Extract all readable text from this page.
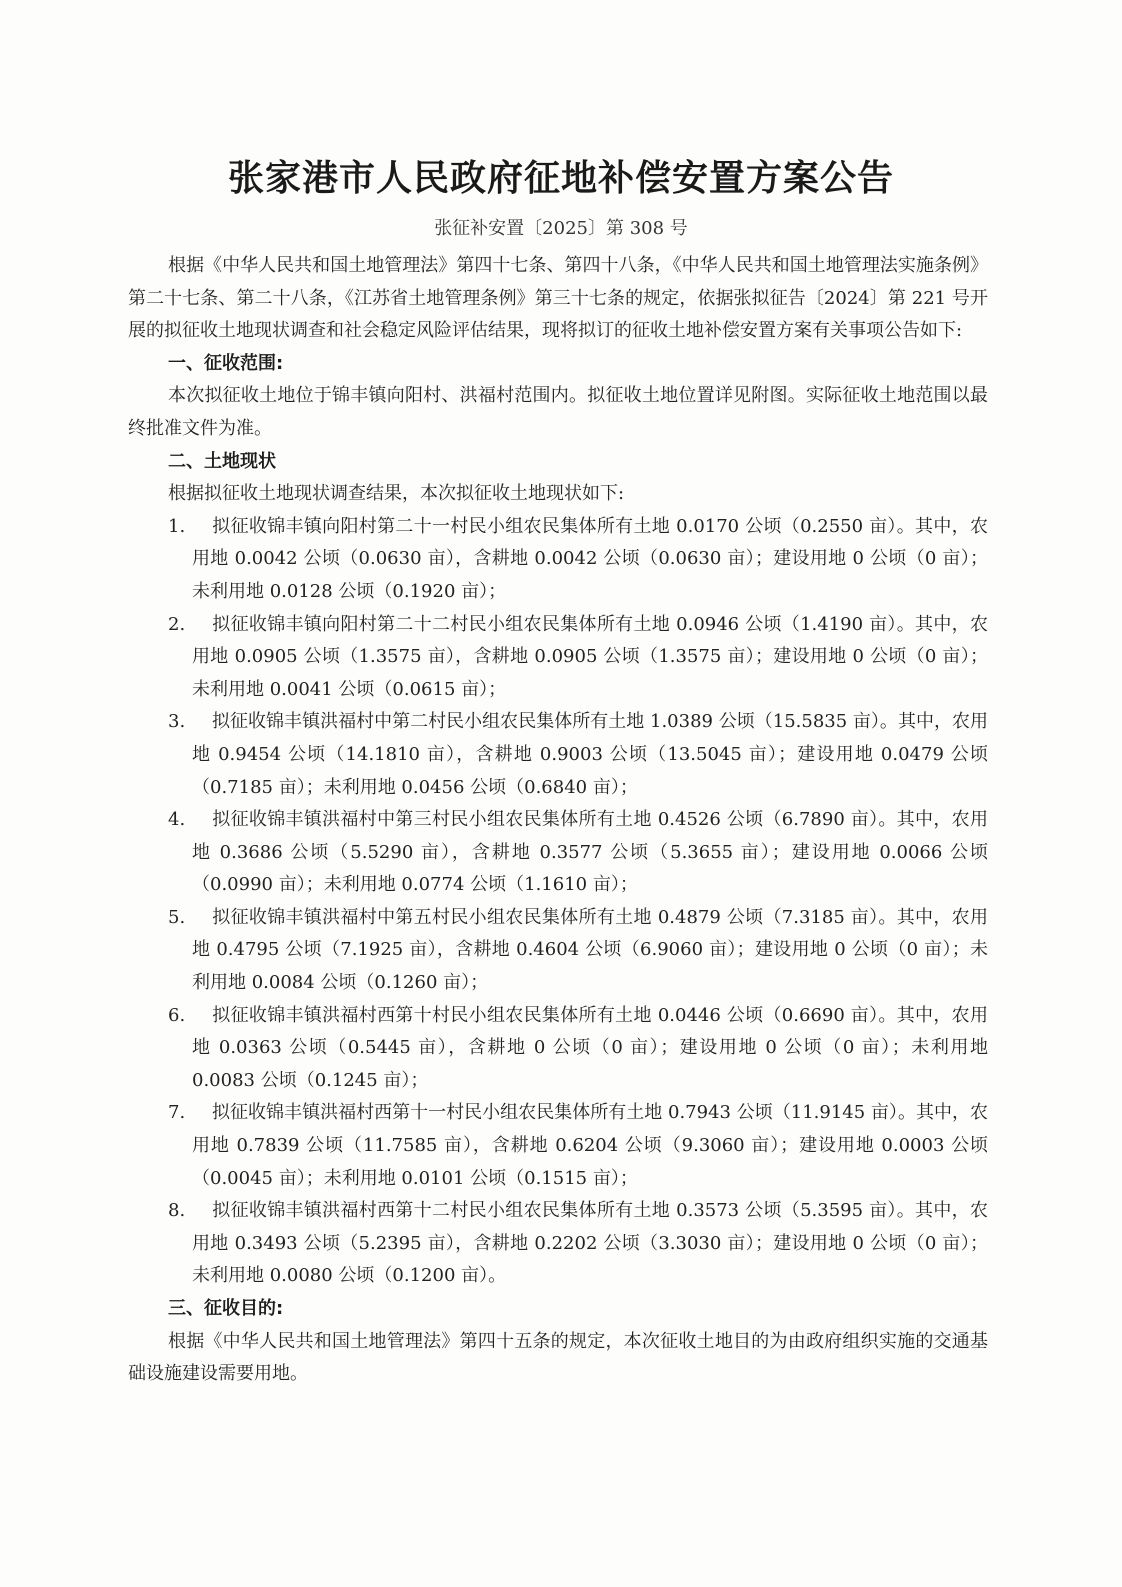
张家港市人民政府征地补偿安置方案公告
张征补安置〔2025〕第 308 号

根据《中华人民共和国土地管理法》第四十七条、第四十八条，《中华人民共和国土地管理法实施条例》第二十七条、第二十八条，《江苏省土地管理条例》第三十七条的规定，依据张拟征告〔2024〕第 221 号开展的拟征收土地现状调查和社会稳定风险评估结果，现将拟订的征收土地补偿安置方案有关事项公告如下:

一、征收范围:

本次拟征收土地位于锦丰镇向阳村、洪福村范围内。拟征收土地位置详见附图。实际征收土地范围以最终批准文件为准。

二、土地现状

根据拟征收土地现状调查结果，本次拟征收土地现状如下:

1. 拟征收锦丰镇向阳村第二十一村民小组农民集体所有土地 0.0170 公顷（0.2550 亩）。其中，农用地 0.0042 公顷（0.0630 亩），含耕地 0.0042 公顷（0.0630 亩）；建设用地 0 公顷（0 亩）；未利用地 0.0128 公顷（0.1920 亩）；

2. 拟征收锦丰镇向阳村第二十二村民小组农民集体所有土地 0.0946 公顷（1.4190 亩）。其中，农用地 0.0905 公顷（1.3575 亩），含耕地 0.0905 公顷（1.3575 亩）；建设用地 0 公顷（0 亩）；未利用地 0.0041 公顷（0.0615 亩）；

3. 拟征收锦丰镇洪福村中第二村民小组农民集体所有土地 1.0389 公顷（15.5835 亩）。其中，农用地 0.9454 公顷（14.1810 亩），含耕地 0.9003 公顷（13.5045 亩）；建设用地 0.0479 公顷（0.7185 亩）；未利用地 0.0456 公顷（0.6840 亩）；

4. 拟征收锦丰镇洪福村中第三村民小组农民集体所有土地 0.4526 公顷（6.7890 亩）。其中，农用地 0.3686 公顷（5.5290 亩），含耕地 0.3577 公顷（5.3655 亩）；建设用地 0.0066 公顷（0.0990 亩）；未利用地 0.0774 公顷（1.1610 亩）；

5. 拟征收锦丰镇洪福村中第五村民小组农民集体所有土地 0.4879 公顷（7.3185 亩）。其中，农用地 0.4795 公顷（7.1925 亩），含耕地 0.4604 公顷（6.9060 亩）；建设用地 0 公顷（0 亩）；未利用地 0.0084 公顷（0.1260 亩）；

6. 拟征收锦丰镇洪福村西第十村民小组农民集体所有土地 0.0446 公顷（0.6690 亩）。其中，农用地 0.0363 公顷（0.5445 亩），含耕地 0 公顷（0 亩）；建设用地 0 公顷（0 亩）；未利用地 0.0083 公顷（0.1245 亩）；

7. 拟征收锦丰镇洪福村西第十一村民小组农民集体所有土地 0.7943 公顷（11.9145 亩）。其中，农用地 0.7839 公顷（11.7585 亩），含耕地 0.6204 公顷（9.3060 亩）；建设用地 0.0003 公顷（0.0045 亩）；未利用地 0.0101 公顷（0.1515 亩）；

8. 拟征收锦丰镇洪福村西第十二村民小组农民集体所有土地 0.3573 公顷（5.3595 亩）。其中，农用地 0.3493 公顷（5.2395 亩），含耕地 0.2202 公顷（3.3030 亩）；建设用地 0 公顷（0 亩）；未利用地 0.0080 公顷（0.1200 亩）。

三、征收目的:

根据《中华人民共和国土地管理法》第四十五条的规定，本次征收土地目的为由政府组织实施的交通基础设施建设需要用地。
